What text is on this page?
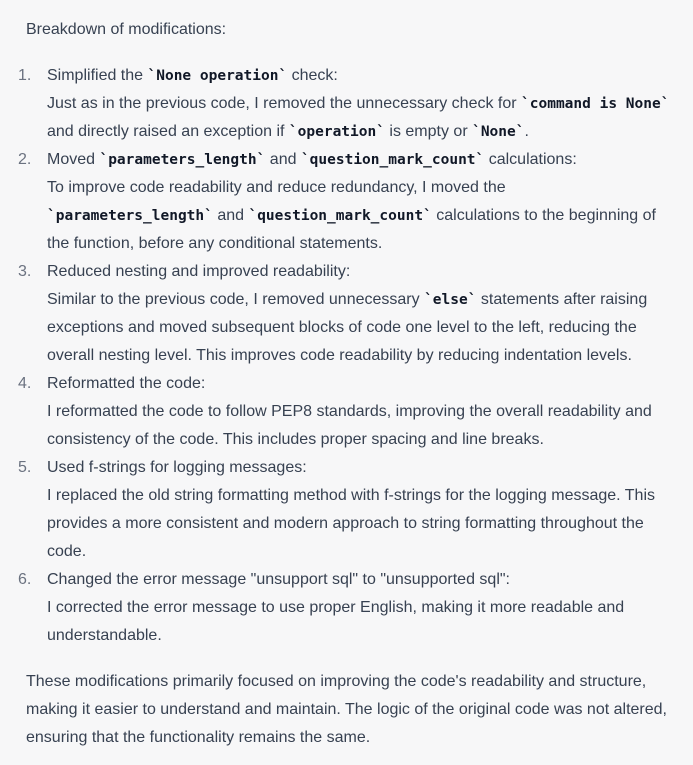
Breakdown of modifications:

1. Simplified the `None operation` check:
Just as in the previous code, I removed the unnecessary check for `command is None` and directly raised an exception if `operation` is empty or `None`.
2. Moved `parameters_length` and `question_mark_count` calculations:
To improve code readability and reduce redundancy, I moved the `parameters_length` and `question_mark_count` calculations to the beginning of the function, before any conditional statements.
3. Reduced nesting and improved readability:
Similar to the previous code, I removed unnecessary `else` statements after raising exceptions and moved subsequent blocks of code one level to the left, reducing the overall nesting level. This improves code readability by reducing indentation levels.
4. Reformatted the code:
I reformatted the code to follow PEP8 standards, improving the overall readability and consistency of the code. This includes proper spacing and line breaks.
5. Used f-strings for logging messages:
I replaced the old string formatting method with f-strings for the logging message. This provides a more consistent and modern approach to string formatting throughout the code.
6. Changed the error message "unsupport sql" to "unsupported sql":
I corrected the error message to use proper English, making it more readable and understandable.

These modifications primarily focused on improving the code's readability and structure, making it easier to understand and maintain. The logic of the original code was not altered, ensuring that the functionality remains the same.
